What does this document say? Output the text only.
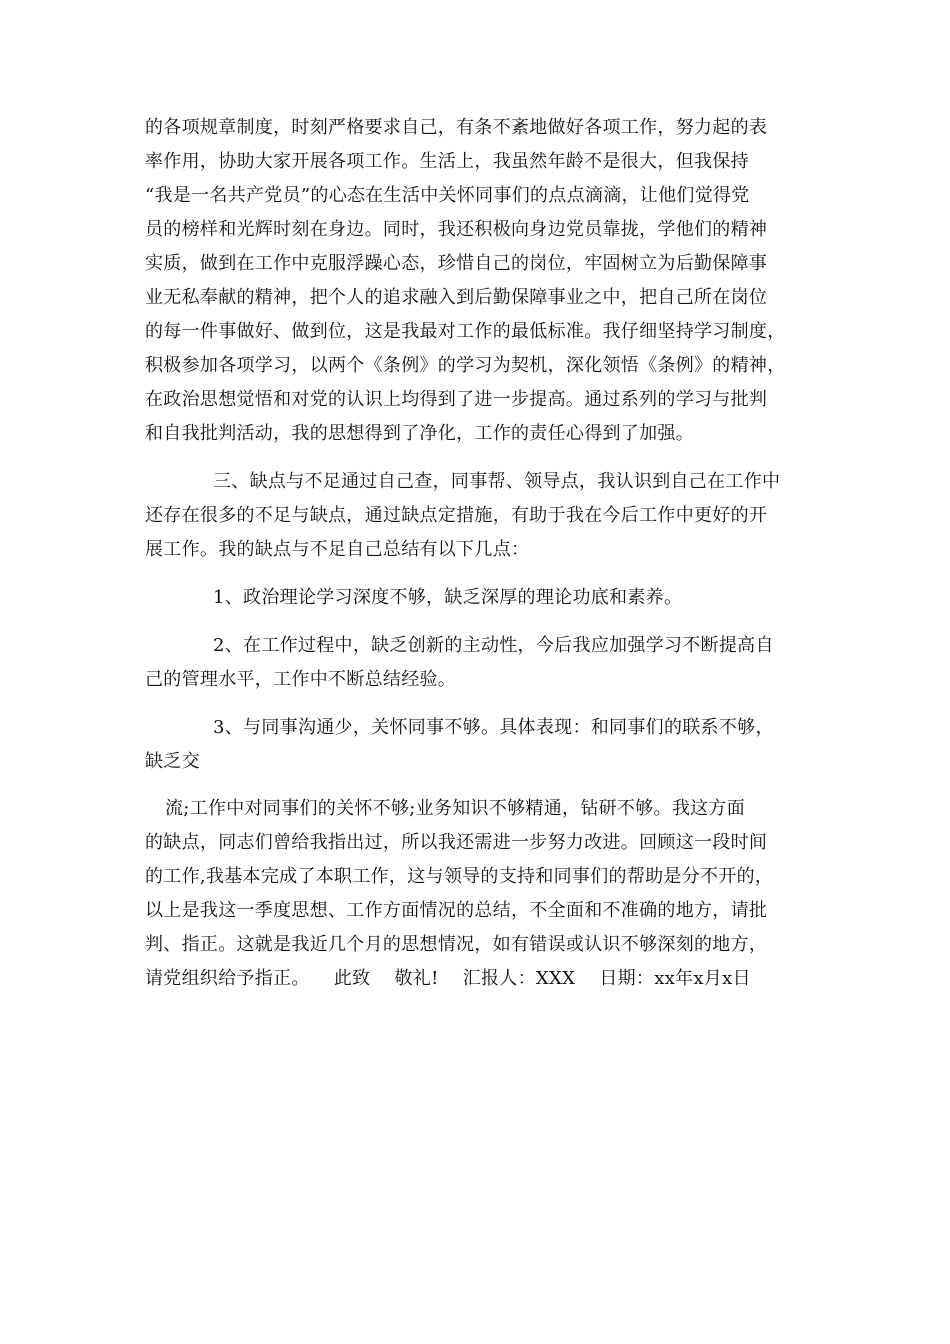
的各项规章制度，时刻严格要求自己，有条不紊地做好各项工作，努力起的表
率作用，协助大家开展各项工作。生活上，我虽然年龄不是很大，但我保持
“我是一名共产党员”的心态在生活中关怀同事们的点点滴滴，让他们觉得党
员的榜样和光辉时刻在身边。同时，我还积极向身边党员靠拢，学他们的精神
实质，做到在工作中克服浮躁心态，珍惜自己的岗位，牢固树立为后勤保障事
业无私奉献的精神，把个人的追求融入到后勤保障事业之中，把自己所在岗位
的每一件事做好、做到位，这是我最对工作的最低标准。我仔细坚持学习制度，
积极参加各项学习，以两个《条例》的学习为契机，深化领悟《条例》的精神，
在政治思想觉悟和对党的认识上均得到了进一步提高。通过系列的学习与批判
和自我批判活动，我的思想得到了净化，工作的责任心得到了加强。
三、缺点与不足通过自己查，同事帮、领导点，我认识到自己在工作中
还存在很多的不足与缺点，通过缺点定措施，有助于我在今后工作中更好的开
展工作。我的缺点与不足自己总结有以下几点：
1、政治理论学习深度不够，缺乏深厚的理论功底和素养。
2、在工作过程中，缺乏创新的主动性，今后我应加强学习不断提高自
己的管理水平，工作中不断总结经验。
3、与同事沟通少，关怀同事不够。具体表现：和同事们的联系不够，
缺乏交
流;工作中对同事们的关怀不够;业务知识不够精通，钻研不够。我这方面
的缺点，同志们曾给我指出过，所以我还需进一步努力改进。回顾这一段时间
的工作,我基本完成了本职工作，这与领导的支持和同事们的帮助是分不开的，
以上是我这一季度思想、工作方面情况的总结，不全面和不准确的地方，请批
判、指正。这就是我近几个月的思想情况，如有错误或认识不够深刻的地方，
请党组织给予指正。    此致    敬礼!    汇报人：XXX    日期：xx年x月x日
